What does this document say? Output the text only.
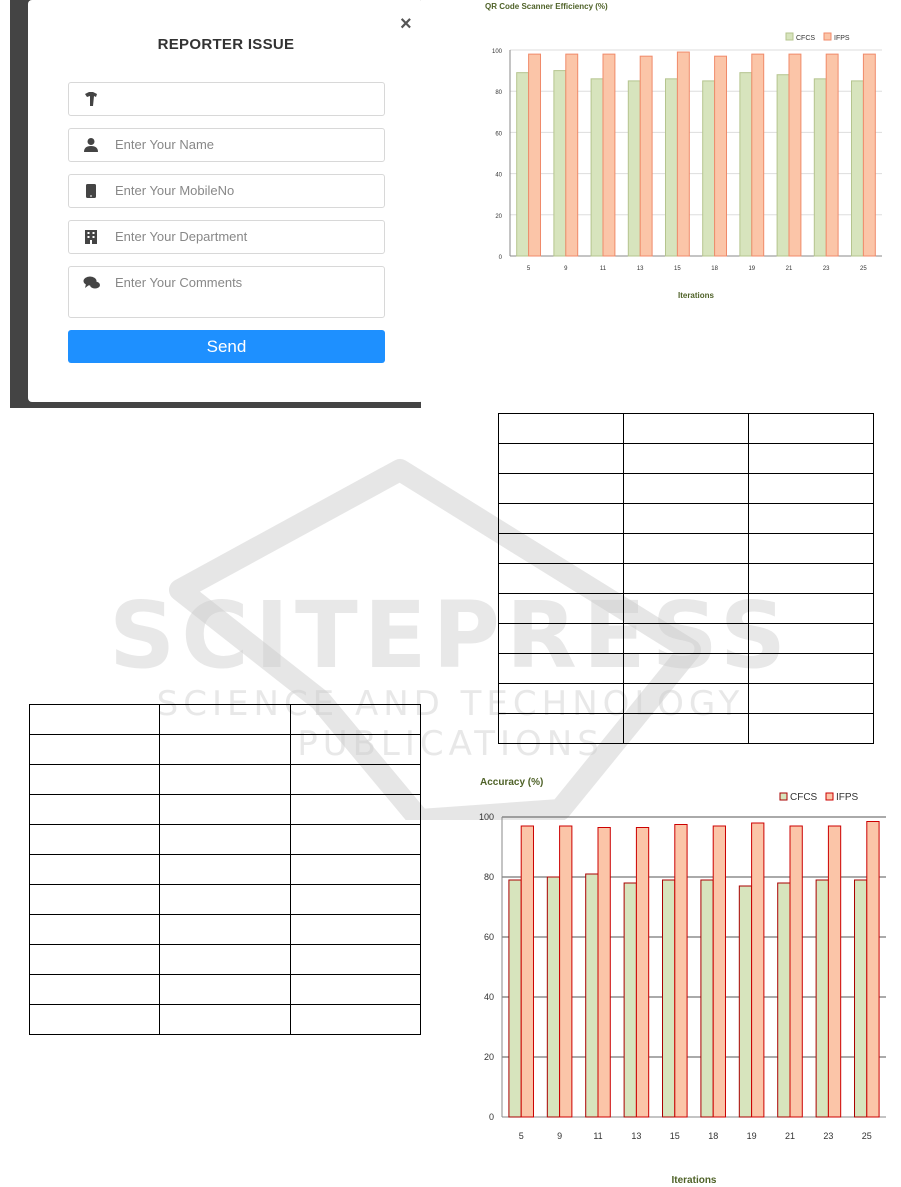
×
REPORTER ISSUE
Enter Your Name
Enter Your MobileNo
Enter Your Department
Enter Your Comments
Send
SCITEPRESS
SCIENCE AND TECHNOLOGY PUBLICATIONS

QR Code Scanner Efficiency (%)
0
20
40
60
80
100
5	9	11	13	15	18	19	21	23	25
Iterations
CFCS	IFPS
Accuracy (%)
0
20
40
60
80
100
5	9	11	13	15	18	19	21	23	25
Iterations
CFCS IFPS
